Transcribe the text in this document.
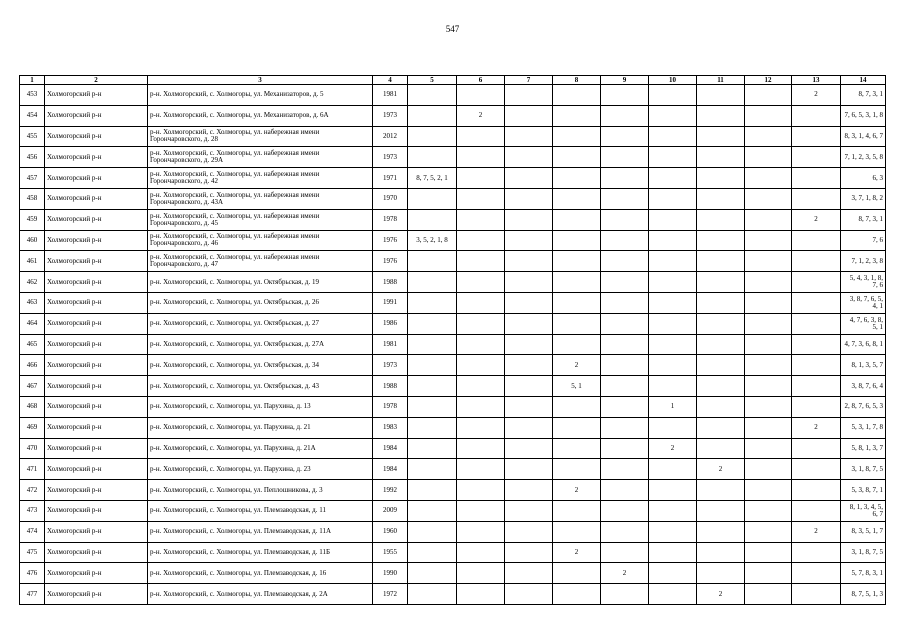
547
1	2	3	4	5	6	7	8	9	10	11	12	13	14
453	Холмогорский р-н	р-н. Холмогорский, с. Холмогоры, ул. Механизаторов, д. 5	1981									2	8, 7, 3, 1
454	Холмогорский р-н	р-н. Холмогорский, с. Холмогоры, ул. Механизаторов, д. 6А	1973		2								7, 6, 5, 3, 1, 8
455	Холмогорский р-н	р-н. Холмогорский, с. Холмогоры, ул. набережная имени Горончаровского, д. 28	2012										8, 3, 1, 4, 6, 7
456	Холмогорский р-н	р-н. Холмогорский, с. Холмогоры, ул. набережная имени Горончаровского, д. 29А	1973										7, 1, 2, 3, 5, 8
457	Холмогорский р-н	р-н. Холмогорский, с. Холмогоры, ул. набережная имени Горончаровского, д. 42	1971	8, 7, 5, 2, 1									6, 3
458	Холмогорский р-н	р-н. Холмогорский, с. Холмогоры, ул. набережная имени Горончаровского, д. 43А	1970										3, 7, 1, 8, 2
459	Холмогорский р-н	р-н. Холмогорский, с. Холмогоры, ул. набережная имени Горончаровского, д. 45	1978									2	8, 7, 3, 1
460	Холмогорский р-н	р-н. Холмогорский, с. Холмогоры, ул. набережная имени Горончаровского, д. 46	1976	3, 5, 2, 1, 8									7, 6
461	Холмогорский р-н	р-н. Холмогорский, с. Холмогоры, ул. набережная имени Горончаровского, д. 47	1976										7, 1, 2, 3, 8
462	Холмогорский р-н	р-н. Холмогорский, с. Холмогоры, ул. Октябрьская, д. 19	1988										5, 4, 3, 1, 8, 7, 6
463	Холмогорский р-н	р-н. Холмогорский, с. Холмогоры, ул. Октябрьская, д. 26	1991										3, 8, 7, 6, 5, 4, 1
464	Холмогорский р-н	р-н. Холмогорский, с. Холмогоры, ул. Октябрьская, д. 27	1986										4, 7, 6, 3, 8, 5, 1
465	Холмогорский р-н	р-н. Холмогорский, с. Холмогоры, ул. Октябрьская, д. 27А	1981										4, 7, 3, 6, 8, 1
466	Холмогорский р-н	р-н. Холмогорский, с. Холмогоры, ул. Октябрьская, д. 34	1973				2						8, 1, 3, 5, 7
467	Холмогорский р-н	р-н. Холмогорский, с. Холмогоры, ул. Октябрьская, д. 43	1988				5, 1						3, 8, 7, 6, 4
468	Холмогорский р-н	р-н. Холмогорский, с. Холмогоры, ул. Парухина, д. 13	1978						1				2, 8, 7, 6, 5, 3
469	Холмогорский р-н	р-н. Холмогорский, с. Холмогоры, ул. Парухина, д. 21	1983									2	5, 3, 1, 7, 8
470	Холмогорский р-н	р-н. Холмогорский, с. Холмогоры, ул. Парухина, д. 21А	1984						2				5, 8, 1, 3, 7
471	Холмогорский р-н	р-н. Холмогорский, с. Холмогоры, ул. Парухина, д. 23	1984							2			3, 1, 8, 7, 5
472	Холмогорский р-н	р-н. Холмогорский, с. Холмогоры, ул. Пеплошникова, д. 3	1992				2						5, 3, 8, 7, 1
473	Холмогорский р-н	р-н. Холмогорский, с. Холмогоры, ул. Племзаводская, д. 11	2009										8, 1, 3, 4, 5, 6, 7
474	Холмогорский р-н	р-н. Холмогорский, с. Холмогоры, ул. Племзаводская, д. 11А	1960									2	8, 3, 5, 1, 7
475	Холмогорский р-н	р-н. Холмогорский, с. Холмогоры, ул. Племзаводская, д. 11Б	1955				2						3, 1, 8, 7, 5
476	Холмогорский р-н	р-н. Холмогорский, с. Холмогоры, ул. Племзаводская, д. 16	1990					2					5, 7, 8, 3, 1
477	Холмогорский р-н	р-н. Холмогорский, с. Холмогоры, ул. Племзаводская, д. 2А	1972							2			8, 7, 5, 1, 3
